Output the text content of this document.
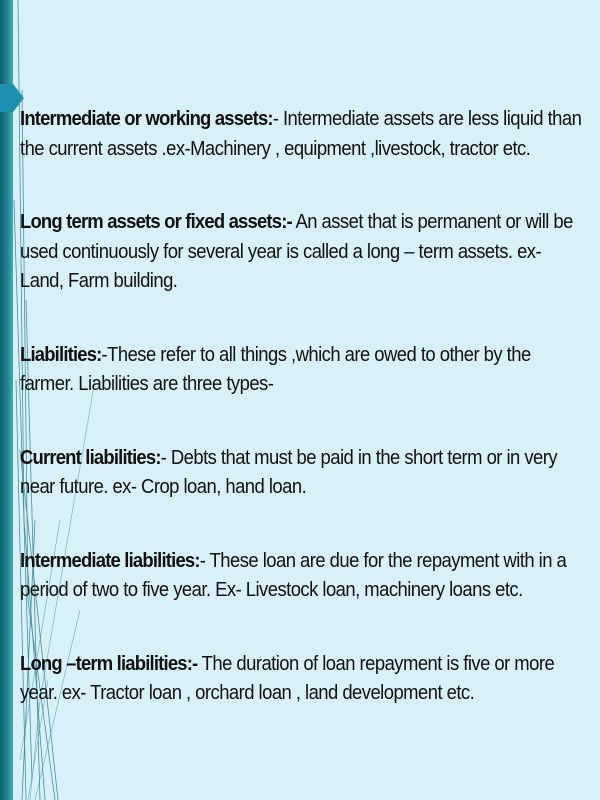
Intermediate or working assets:- Intermediate assets are less liquid than the current assets .ex-Machinery , equipment ,livestock, tractor etc.

Long term assets or fixed assets:- An asset that is permanent or will be used continuously for several year is called a long – term assets. ex- Land, Farm building.

Liabilities:-These refer to all things ,which are owed to other by the farmer. Liabilities are three types-

Current liabilities:- Debts that must be paid in the short term or in very near future. ex- Crop loan, hand loan.

Intermediate liabilities:- These loan are due for the repayment with in a period of two to five year. Ex- Livestock loan, machinery loans etc.

Long –term liabilities:- The duration of loan repayment is five or more year. ex- Tractor loan , orchard loan , land development etc.
